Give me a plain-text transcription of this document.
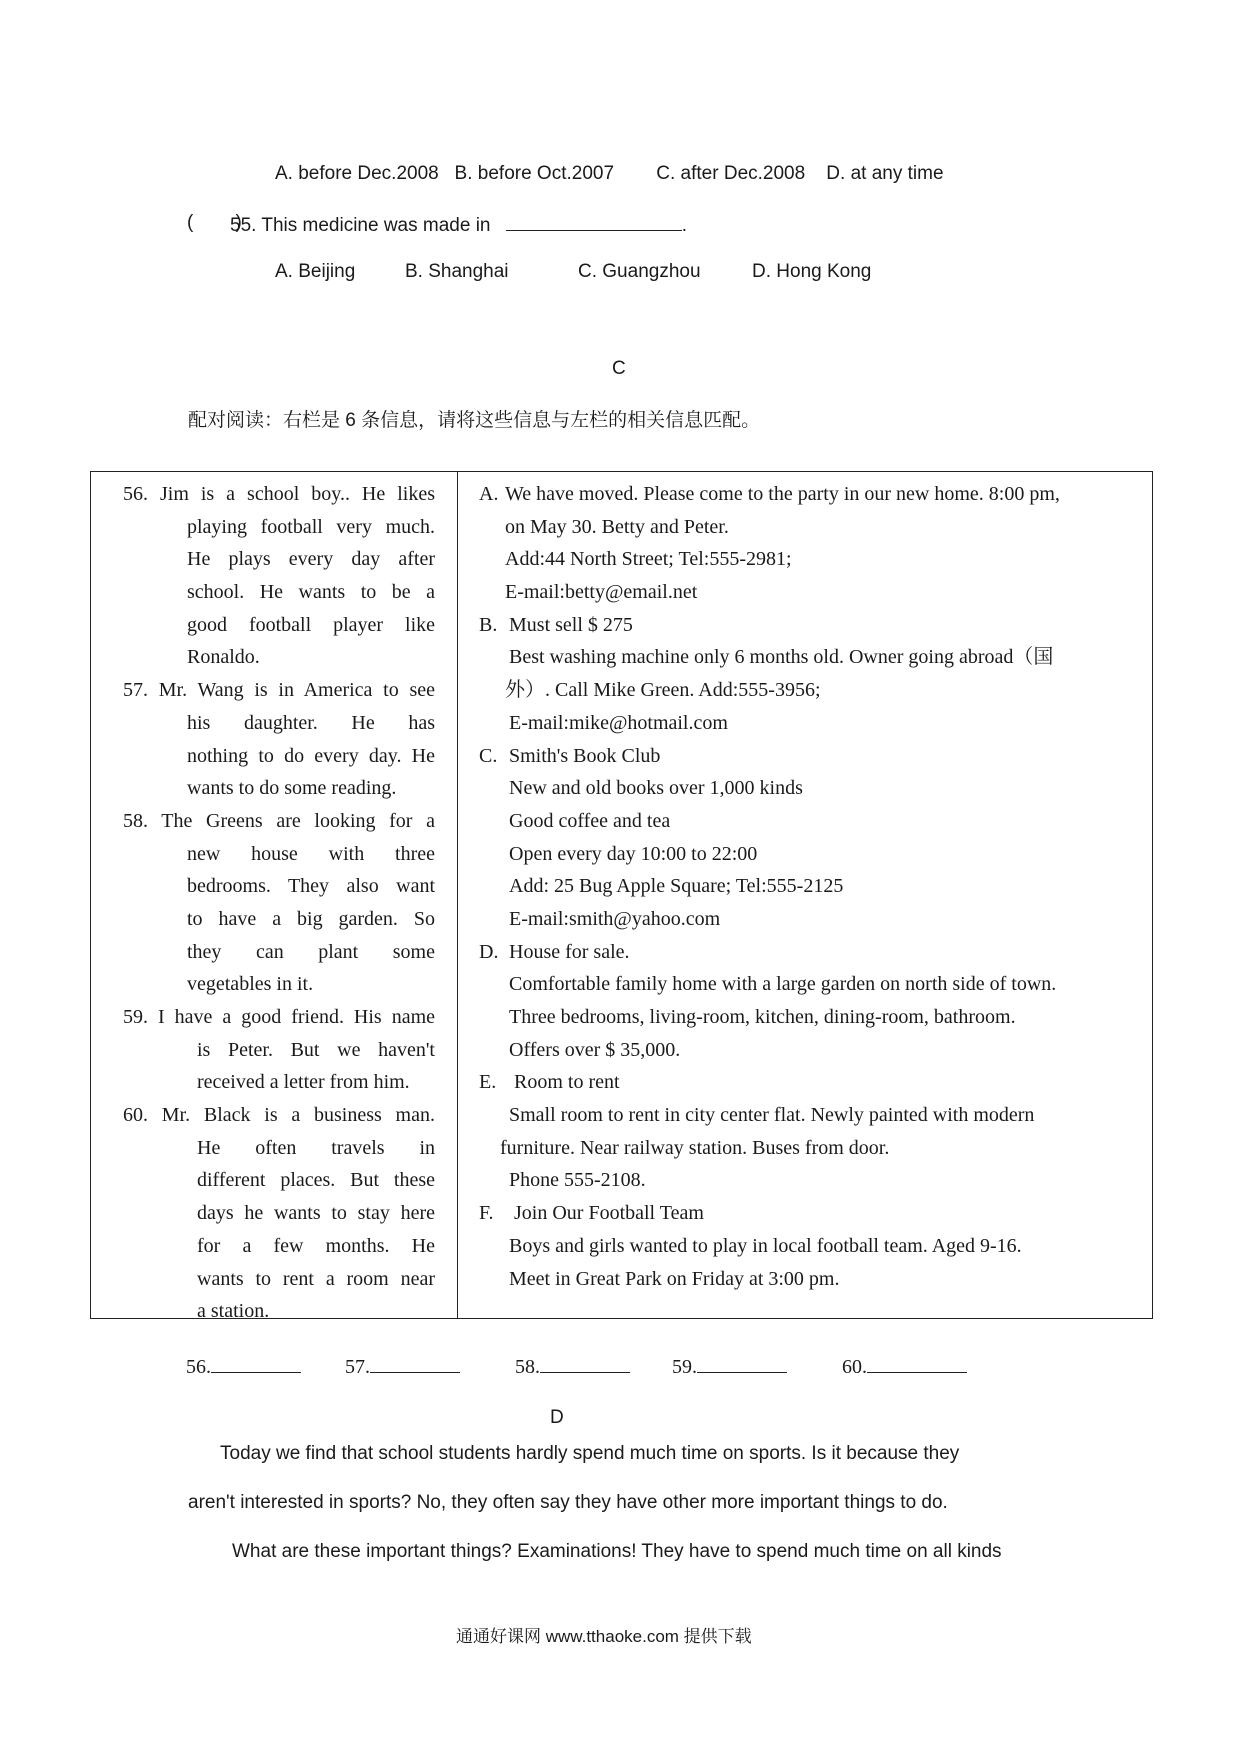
A. before Dec.2008   B. before Oct.2007        C. after Dec.2008    D. at any time
(        )
55. This medicine was made in	.
A. Beijing	B. Shanghai	C. Guangzhou	D. Hong Kong
C
配对阅读：右栏是 6 条信息，请将这些信息与左栏的相关信息匹配。
56. Jim is a school boy.. He likes
playing football very much.
He plays every day after
school. He wants to be a
good football player like
Ronaldo.
57. Mr. Wang is in America to see
his daughter. He has
nothing to do every day. He
wants to do some reading.
58. The Greens are looking for a
new house with three
bedrooms. They also want
to have a big garden. So
they can plant some
vegetables in it.
59. I have a good friend. His name
is Peter. But we haven't
received a letter from him.
60. Mr. Black is a business man.
He often travels in
different places. But these
days he wants to stay here
for a few months. He
wants to rent a room near
a station.
A. We have moved. Please come to the party in our new home. 8:00 pm,
on May 30. Betty and Peter.
Add:44 North Street; Tel:555-2981;
E-mail:betty@email.net
B. Must sell $ 275
Best washing machine only 6 months old. Owner going abroad（国
外）. Call Mike Green. Add:555-3956;
E-mail:mike@hotmail.com
C. Smith's Book Club
New and old books over 1,000 kinds
Good coffee and tea
Open every day 10:00 to 22:00
Add: 25 Bug Apple Square; Tel:555-2125
E-mail:smith@yahoo.com
D. House for sale.
Comfortable family home with a large garden on north side of town.
Three bedrooms, living-room, kitchen, dining-room, bathroom.
Offers over $ 35,000.
E. Room to rent
Small room to rent in city center flat. Newly painted with modern
furniture. Near railway station. Buses from door.
Phone 555-2108.
F. Join Our Football Team
Boys and girls wanted to play in local football team. Aged 9-16.
Meet in Great Park on Friday at 3:00 pm.
56.	57.	58.	59.	60.
D
Today we find that school students hardly spend much time on sports. Is it because they
aren't interested in sports? No, they often say they have other more important things to do.
What are these important things? Examinations! They have to spend much time on all kinds
通通好课网 www.tthaoke.com 提供下载
